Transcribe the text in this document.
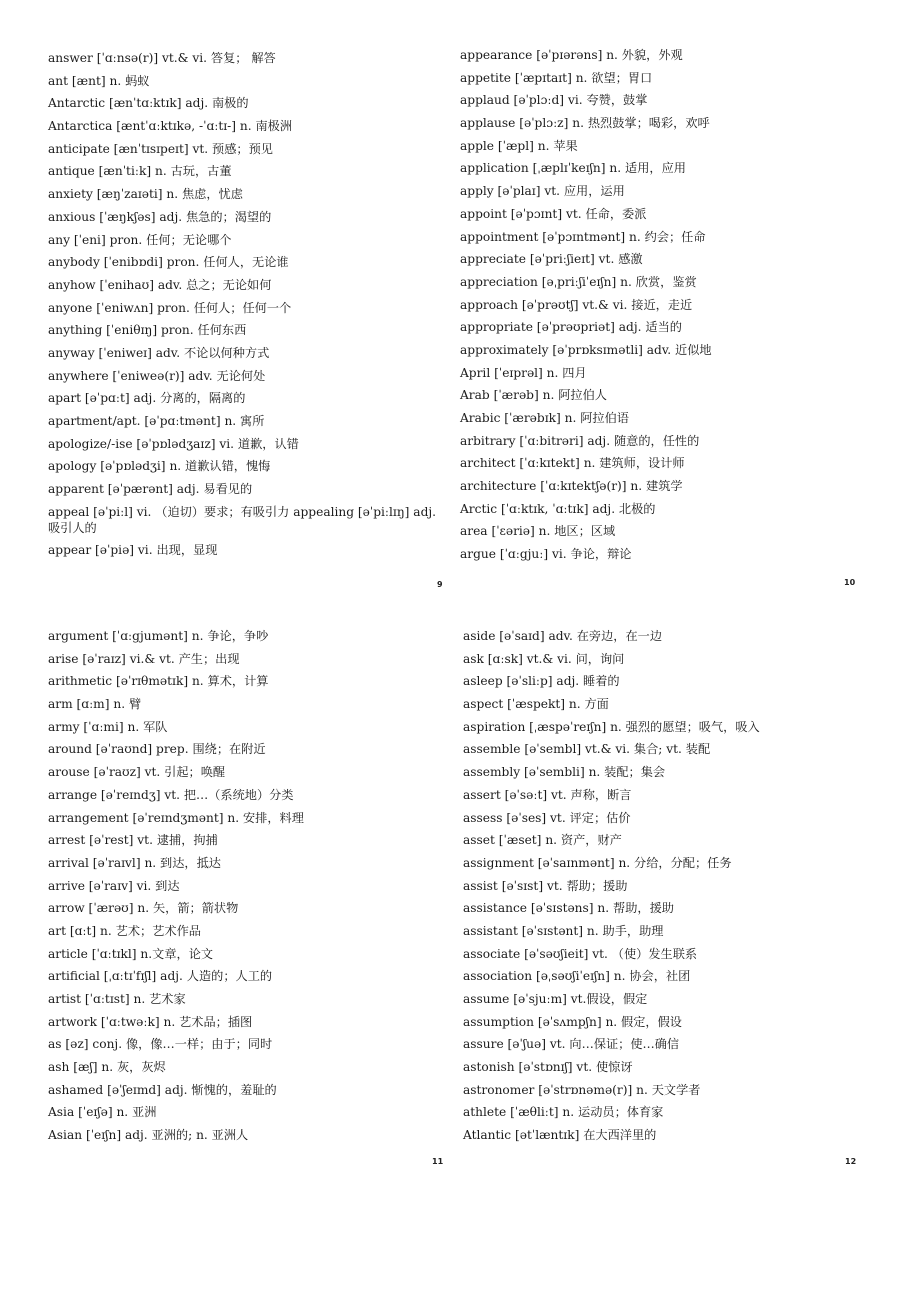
answer [ˈɑːnsə(r)] vt.& vi. 答复； 解答
ant [ænt] n. 蚂蚁
Antarctic [ænˈtɑːktɪk] adj. 南极的
Antarctica [æntˈɑːktɪkə, -ˈɑːtɪ-] n. 南极洲
anticipate [ænˈtɪsɪpeɪt] vt. 预感；预见
antique [ænˈtiːk] n. 古玩，古董
anxiety [æŋˈzaɪəti] n. 焦虑，忧虑
anxious [ˈæŋkʃəs] adj. 焦急的；渴望的
any [ˈeni] pron. 任何；无论哪个
anybody [ˈenibɒdi] pron. 任何人，无论谁
anyhow [ˈenihaʊ] adv. 总之；无论如何
anyone [ˈeniwʌn] pron. 任何人；任何一个
anything [ˈeniθɪŋ] pron. 任何东西
anyway [ˈeniweɪ] adv. 不论以何种方式
anywhere [ˈeniweə(r)] adv. 无论何处
apart [əˈpɑːt] adj. 分离的，隔离的
apartment/apt. [əˈpɑːtmənt] n. 寓所
apologize/-ise [əˈpɒlədʒaɪz] vi. 道歉，认错
apology [əˈpɒlədʒi] n. 道歉认错，愧悔
apparent [əˈpærənt] adj. 易看见的
appeal [əˈpiːl] vi. （迫切）要求；有吸引力 appealing [əˈpiːlɪŋ] adj. 吸引人的
appear [əˈpiə] vi. 出现，显现
appearance [əˈpɪərəns] n. 外貌，外观
appetite [ˈæpɪtaɪt] n. 欲望；胃口
applaud [əˈplɔːd] vi. 夸赞，鼓掌
applause [əˈplɔːz] n. 热烈鼓掌；喝彩，欢呼
apple [ˈæpl] n. 苹果
application [ˌæplɪˈkeɪʃn] n. 适用，应用
apply [əˈplaɪ] vt. 应用，运用
appoint [əˈpɔɪnt] vt. 任命，委派
appointment [əˈpɔɪntmənt] n. 约会；任命
appreciate [əˈpriːʃieɪt] vt. 感激
appreciation [əˌpriːʃiˈeɪʃn] n. 欣赏，鉴赏
approach [əˈprəʊtʃ] vt.& vi. 接近，走近
appropriate [əˈprəʊpriət] adj. 适当的
approximately [əˈprɒksɪmətli] adv. 近似地
April [ˈeɪprəl] n. 四月
Arab [ˈærəb] n. 阿拉伯人
Arabic [ˈærəbɪk] n. 阿拉伯语
arbitrary [ˈɑːbitrəri] adj. 随意的，任性的
architect [ˈɑːkɪtekt] n. 建筑师，设计师
architecture [ˈɑːkɪtektʃə(r)] n. 建筑学
Arctic [ˈɑːktɪk, ˈɑːtɪk] adj. 北极的
area [ˈɛəriə] n. 地区；区域
argue [ˈɑːgjuː] vi. 争论，辩论
argument [ˈɑːgjumənt] n. 争论，争吵
arise [əˈraɪz] vi.& vt. 产生；出现
arithmetic [əˈrɪθmətɪk] n. 算术，计算
arm [ɑːm] n. 臂
army [ˈɑːmi] n. 军队
around [əˈraʊnd] prep. 围绕；在附近
arouse [əˈraʊz] vt. 引起；唤醒
arrange [əˈreɪndʒ] vt. 把…（系统地）分类
arrangement [əˈreɪndʒmənt] n. 安排，料理
arrest [əˈrest] vt. 逮捕，拘捕
arrival [əˈraɪvl] n. 到达，抵达
arrive [əˈraɪv] vi. 到达
arrow [ˈærəʊ] n. 矢，箭；箭状物
art [ɑːt] n. 艺术；艺术作品
article [ˈɑːtɪkl] n.文章，论文
artificial [ˌɑːtɪˈfɪʃl] adj. 人造的；人工的
artist [ˈɑːtɪst] n. 艺术家
artwork [ˈɑːtwəːk] n. 艺术品；插图
as [əz] conj. 像，像…一样；由于；同时
ash [æʃ] n. 灰，灰烬
ashamed [əˈʃeɪmd] adj. 惭愧的，羞耻的
Asia [ˈeɪʃə] n. 亚洲
Asian [ˈeɪʃn] adj. 亚洲的; n. 亚洲人
aside [əˈsaɪd] adv. 在旁边，在一边
ask [ɑːsk] vt.& vi. 问，询问
asleep [əˈsliːp] adj. 睡着的
aspect [ˈæspekt] n. 方面
aspiration [ˌæspəˈreɪʃn] n. 强烈的愿望；吸气，吸入
assemble [əˈsembl] vt.& vi. 集合; vt. 装配
assembly [əˈsembli] n. 装配；集会
assert [əˈsəːt] vt. 声称，断言
assess [əˈses] vt. 评定；估价
asset [ˈæset] n. 资产，财产
assignment [əˈsaɪnmənt] n. 分给，分配；任务
assist [əˈsɪst] vt. 帮助；援助
assistance [əˈsɪstəns] n. 帮助，援助
assistant [əˈsɪstənt] n. 助手，助理
associate [əˈsəʊʃieit] vt. （使）发生联系
association [əˌsəʊʃiˈeɪʃn] n. 协会，社团
assume [əˈsjuːm] vt.假设，假定
assumption [əˈsʌmpʃn] n. 假定，假设
assure [əˈʃuə] vt. 向…保证；使…确信
astonish [əˈstɒnɪʃ] vt. 使惊讶
astronomer [əˈstrɒnəmə(r)] n. 天文学者
athlete [ˈæθliːt] n. 运动员；体育家
Atlantic [ətˈlæntɪk] 在大西洋里的
9	10
11	12
